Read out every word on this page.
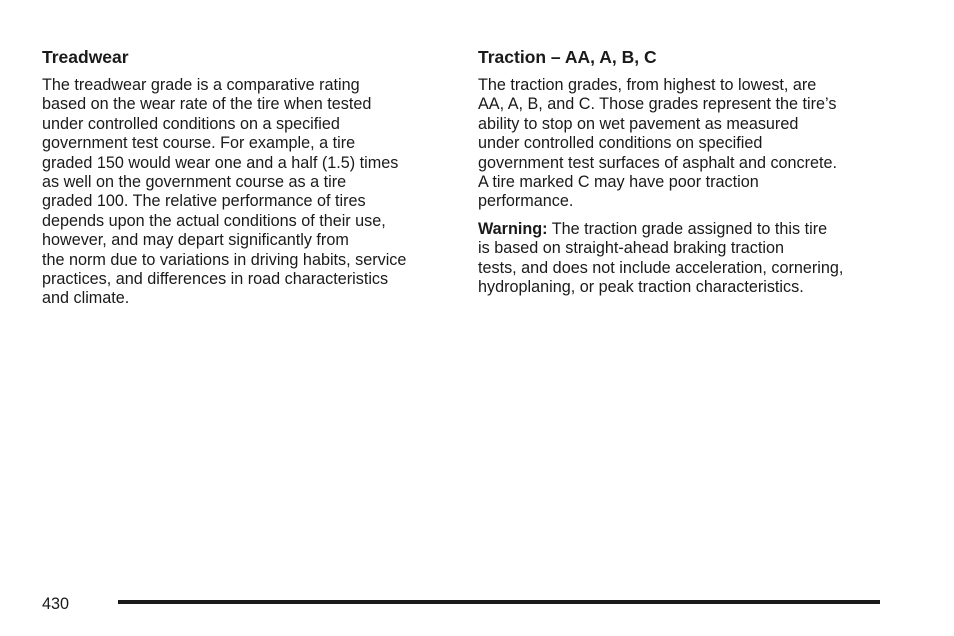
Treadwear

The treadwear grade is a comparative rating
based on the wear rate of the tire when tested
under controlled conditions on a specified
government test course. For example, a tire
graded 150 would wear one and a half (1.5) times
as well on the government course as a tire
graded 100. The relative performance of tires
depends upon the actual conditions of their use,
however, and may depart significantly from
the norm due to variations in driving habits, service
practices, and differences in road characteristics
and climate.

Traction – AA, A, B, C

The traction grades, from highest to lowest, are
AA, A, B, and C. Those grades represent the tire’s
ability to stop on wet pavement as measured
under controlled conditions on specified
government test surfaces of asphalt and concrete.
A tire marked C may have poor traction
performance.

Warning: The traction grade assigned to this tire
is based on straight-ahead braking traction
tests, and does not include acceleration, cornering,
hydroplaning, or peak traction characteristics.

430
